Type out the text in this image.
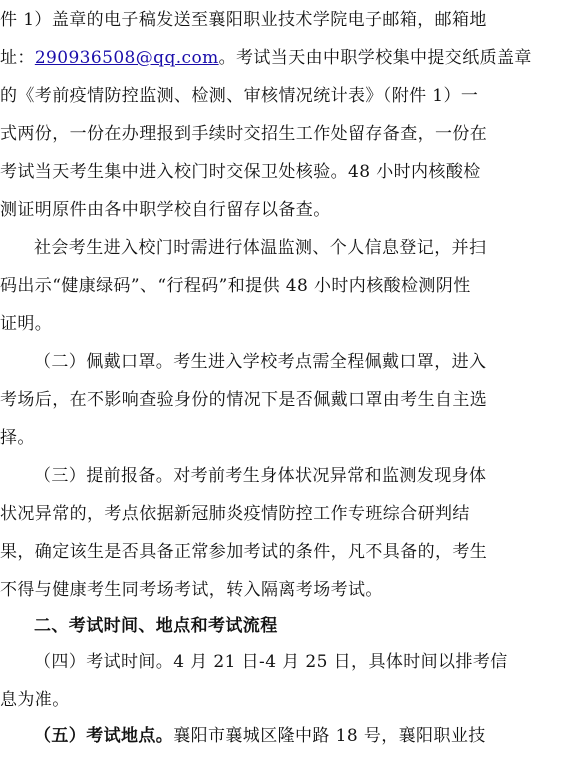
件 1）盖章的电子稿发送至襄阳职业技术学院电子邮箱，邮箱地
址：290936508@qq.com。考试当天由中职学校集中提交纸质盖章
的《考前疫情防控监测、检测、审核情况统计表》（附件 1）一
式两份，一份在办理报到手续时交招生工作处留存备查，一份在
考试当天考生集中进入校门时交保卫处核验。48 小时内核酸检
测证明原件由各中职学校自行留存以备查。
社会考生进入校门时需进行体温监测、个人信息登记，并扫
码出示“健康绿码”、“行程码”和提供 48 小时内核酸检测阴性
证明。
（二）佩戴口罩。考生进入学校考点需全程佩戴口罩，进入
考场后，在不影响查验身份的情况下是否佩戴口罩由考生自主选
择。
（三）提前报备。对考前考生身体状况异常和监测发现身体
状况异常的，考点依据新冠肺炎疫情防控工作专班综合研判结
果，确定该生是否具备正常参加考试的条件，凡不具备的，考生
不得与健康考生同考场考试，转入隔离考场考试。
二、考试时间、地点和考试流程
（四）考试时间。4 月 21 日-4 月 25 日，具体时间以排考信
息为准。
（五）考试地点。襄阳市襄城区隆中路 18 号，襄阳职业技
